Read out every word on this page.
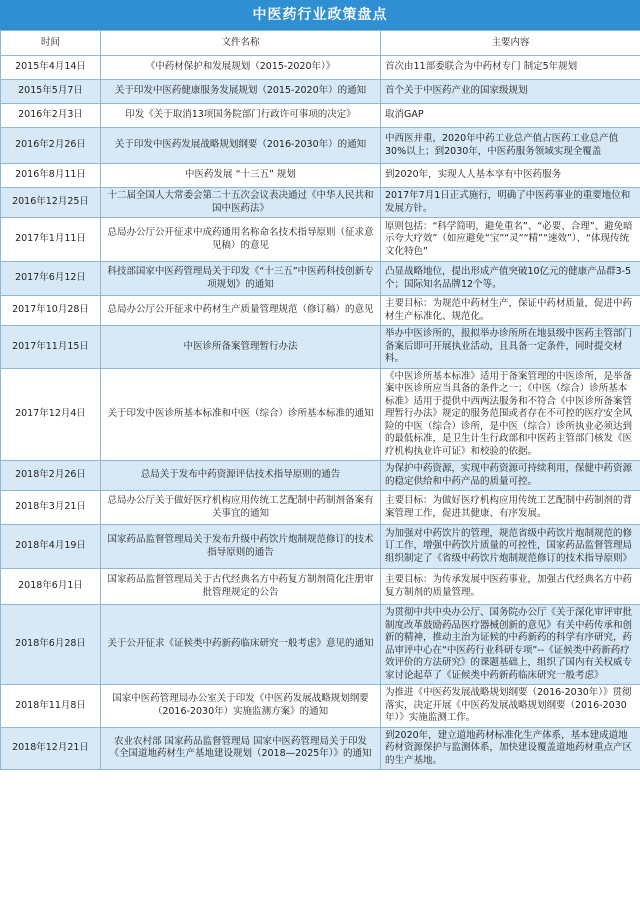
中医药行业政策盘点
时间	文件名称	主要内容
2015年4月14日	《中药材保护和发展规划（2015-2020年）》	首次由11部委联合为中药材专门 制定5年规划
2015年5月7日	关于印发中医药健康服务发展规划（2015-2020年）的通知	首个关于中医药产业的国家级规划
2016年2月3日	印发《关于取消13项国务院部门行政许可事项的决定》	取消GAP
2016年2月26日	关于印发中医药发展战略规划纲要（2016-2030年）的通知	中西医并重，2020年中药工业总产值占医药工业总产值30%以上；到2030年，中医药服务领域实现全覆盖
2016年8月11日	中医药发展 “十三五” 规划	到2020年，实现人人基本享有中医药服务
2016年12月25日	十二届全国人大常委会第二十五次会议表决通过《中华人民共和国中医药法》	2017年7月1日正式施行，明确了中医药事业的重要地位和发展方针。
2017年1月11日	总局办公厅公开征求中成药通用名称命名技术指导原则（征求意见稿）的意见	原则包括：“科学简明，避免重名”、“必要、合理”、避免暗示夸大疗效”（如应避免“宝”“灵”“精”“速效”）、“体现传统文化特色”
2017年6月12日	科技部国家中医药管理局关于印发《“十三五”中医药科技创新专项规划》的通知	凸显战略地位，提出形成产值突破10亿元的健康产品群3-5个；国际知名品牌12个等。
2017年10月28日	总局办公厅公开征求中药材生产质量管理规范（修订稿）的意见	主要目标：为规范中药材生产，保证中药材质量，促进中药材生产标准化、规范化。
2017年11月15日	中医诊所备案管理暂行办法	举办中医诊所的，报拟举办诊所所在地县级中医药主管部门备案后即可开展执业活动，且具备一定条件，同时提交材料。
2017年12月4日	关于印发中医诊所基本标准和中医（综合）诊所基本标准的通知	《中医诊所基本标准》适用于备案管理的中医诊所，是举备案中医诊所应当具备的条件之一；《中医（综合）诊所基本标准》适用于提供中西两法服务和不符合《中医诊所备案管理暂行办法》规定的服务范围或者存在不可控的医疗安全风险的中医（综合）诊所，是中医（综合）诊所执业必须达到的最低标准，是卫生计生行政部和中医药主管部门核发《医疗机构执业许可证》和校验的依据。
2018年2月26日	总局关于发布中药资源评估技术指导原则的通告	为保护中药资源，实现中药资源可持续利用，保健中药资源的稳定供给和中药产品的质量可控。
2018年3月21日	总局办公厅关于做好医疗机构应用传统工艺配制中药制剂备案有关事宜的通知	主要目标：为做好医疗机构应用传统工艺配制中药制剂的背案管理工作，促进其健康、有序发展。
2018年4月19日	国家药品监督管理局关于发布升级中药饮片炮制规范修订的技术指导原则的通告	为加强对中药饮片的管理，规范省级中药饮片炮制规范的修订工作，增强中药饮片质量的可控性，国家药品监督管理局组织制定了《省级中药饮片炮制规范修订的技术指导原则》
2018年6月1日	国家药品监督管理局关于古代经典名方中药复方制剂简化注册审批管理规定的公告	主要目标：为传承发展中医药事业，加强古代经典名方中药复方制剂的质量管理。
2018年6月28日	关于公开征求《证候类中药新药临床研究一般考虑》意见的通知	为贯彻中共中央办公厅、国务院办公厅《关于深化审评审批制度改革鼓励药品医疗器械创新的意见》有关中药传承和创新的精神，推动主治为证候的中药新药的科学有序研究，药品审评中心在“中医药行业科研专项”--《证候类中药新药疗效评价的方法研究》的课题基础上，组织了国内有关权威专家讨论起草了《证候类中药新药临床研究一般考虑》
2018年11月8日	国家中医药管理局办公室关于印发《中医药发展战略规划纲要（2016-2030年）实施监测方案》的通知	为推进《中医药发展战略规划纲要（2016-2030年）》贯彻落实，决定开展《中医药发展战略规划纲要（2016-2030年）》实施监测工作。
2018年12月21日	农业农村部 国家药品监督管理局 国家中医药管理局关于印发《全国道地药材生产基地建设规划（2018—2025年）》的通知	到2020年，建立道地药材标准化生产体系，基本建成道地药材资源保护与监测体系，加快建设覆盖道地药材重点产区的生产基地。
